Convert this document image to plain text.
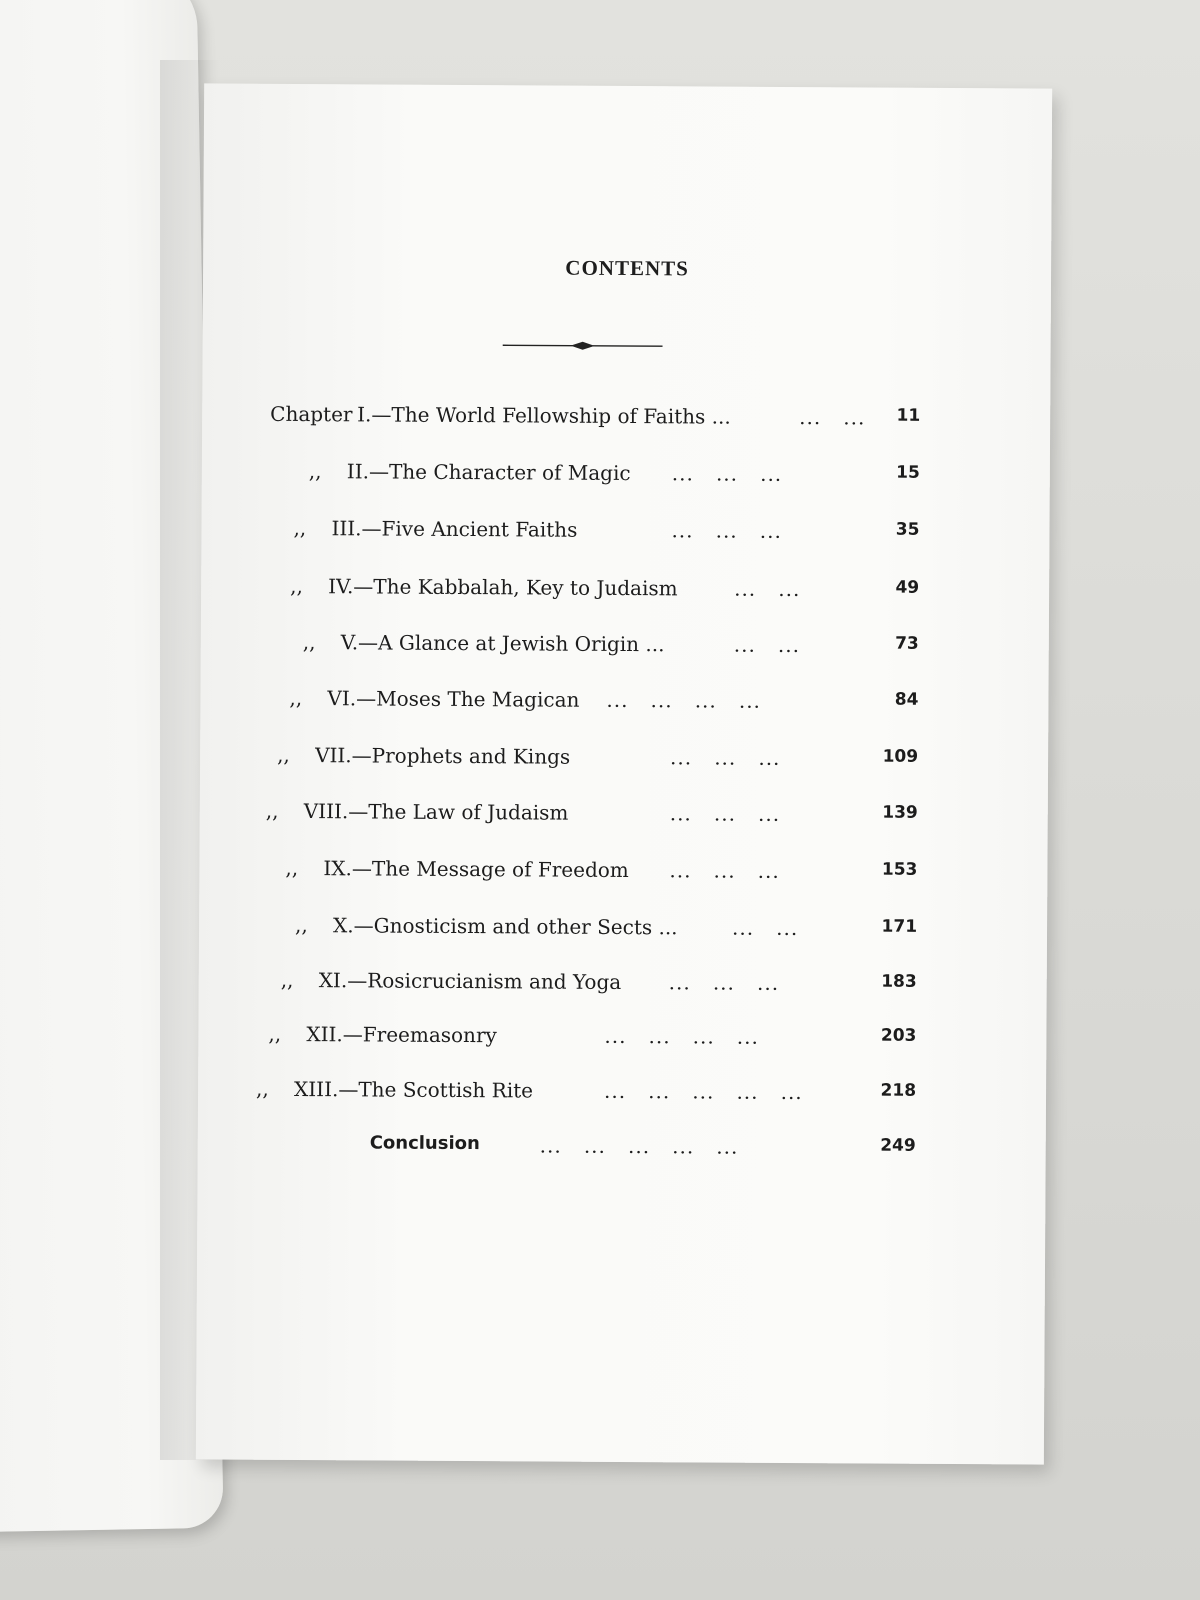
CONTENTS
Chapter I.—The World Fellowship of Faiths ...	...   ... 11
,, II.—The Character of Magic ...   ...   ...	15
,, III.—Five Ancient Faiths	...   ...   ...	35
,, IV.—The Kabbalah, Key to Judaism	...   ...	49
,, V.—A Glance at Jewish Origin ...	...   ...	73
,, VI.—Moses The Magican ...   ...   ...   ...	84
,, VII.—Prophets and Kings	...   ...   ...	109
,, VIII.—The Law of Judaism	...   ...   ...	139
,, IX.—The Message of Freedom ...   ...   ...	153
,, X.—Gnosticism and other Sects ...	...   ...	171
,, XI.—Rosicrucianism and Yoga ...   ...   ...	183
,, XII.—Freemasonry	...   ...   ...   ...	203
,, XIII.—The Scottish Rite	...   ...   ...   ...   ...	218
Conclusion	...   ...   ...   ...   ...	249
